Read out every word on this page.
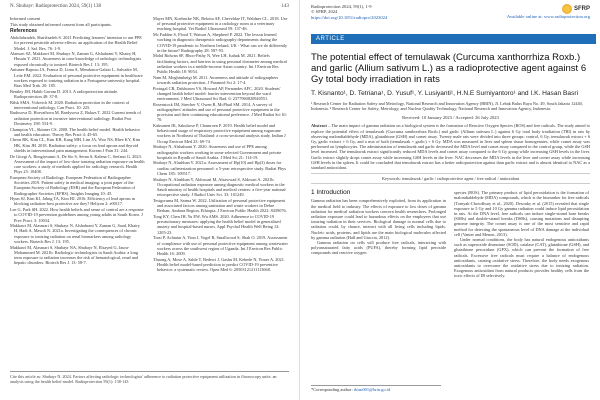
N. Shubayr: Radioprotection 2024, 59(1) 138	143

Informed consent

This study obtained informed consent from all participants.

References

Abdolahzadeh, Sharifzadeh S. 2021 Predicting learners' intention to use PPE for prevent pesticide adverse effects: an application of the Health Belief Model. J. Saf. Res. 76: 1-9.

Alansari SZ, Makkawi M, Shubayr N, Zaman G, Alshahrani Y, Khairy H, Husain Y. 2021. Awareness in cone knowledge of radiologic technologists exposed chronically to ionized. Biotech Res J. 13: 195.

Antunes-Raposo JA, Franca D, Lima A, Mendonca-Galaio L, Salvador M, Leite EM. 2022. Evaluation of personal protective equipment in healthcare workers exposed to ionizing radiation in a Portuguese university hospital. Bras Med Trab. 20: 185.

Bentley JM, Habib Gavam D. 2013. A radioprotection attitude. Radioprotection 48: 37-8.

Bilsk SMA, Vidovich M. 2020. Radiation protection in the context of interventional radiology. Can Pract. 10: 225.

Budosova D, Horvathova M, Bardysova Z, Balazs T. 2022 Current trends of radiation protection in invasive interventional radiology. Radiat Prot Dosimetry 198: 554-9.

Champion VL, Skinner CS. 2008. The health belief model. Health behavior and health education: Theory Res Pract 4: 45-65.

Cheon BK, Kim CL, Kim KR, Kang MH, Lim JA, Woo NS, Rhee KY, Kim HK, Kim JH. 2018. Radiation safety: a focus on lead aprons and thyroid shields in interventional pain management. Korean J Pain 31: 244.

De Giorgi A, Bongiovanni A, De Sio S, Serna S, Kalena C, Stefano G. 2023. Assessment of the impact of low-dose ionizing radiation exposure on health care workers: a study of methods applied for radiology research. Health Phys 25: 10408.

European Society of Radiology. European Federation of Radiographer Societies 2019. Patient safety in medical imaging: a joint paper of the European Society of Radiology (ESR) and the European Federation of Radiographer Societies (EFRS). Insights Imaging 10: 45.

Hyun SJ, Kim KJ, Jahng TA, Kim HJ. 2016. Efficiency of lead aprons in blocking radiation-how protective are they? Heliyon 2: e00117.

Lee G, Park SH. 2022. How health beliefs and sense of control are a response to COVID-19 prevention guidelines among young adults in South Korea. J Prev Pract. 3: 10034.

Makkawi M, Alasmari S, Shubayr N, Alshahrani Y, Zaman G, Saad, Khairy H, Hadi A, Mawdi N. 2021a. Investigating the consequences of chronic exposure to ionizing radiation on renal biomarkers among radiology workers. Biotech Res J. 13: 195.

Makkawi M, Alasmari S, Shubayr NA, Shubayr N, Elsayed G, Jaura-Mohammed M. 2021b. Radiologic technologists in Saudi Arabia: a long term exposure to radiation increases the risk of hematological, renal and hepatic disorders. Biotech Res J. 13: 58-7.

Mayer MN, Koehncke NK, Belotta AF, Cheveldae IT, Waldner CL. 2018. Use of personal protective equipment in a radiology room at a veterinary teaching hospital. Vet Radiol Ultrasound 59: 137-46.

Mc Fadden S, Flood T, Watson A, Shepherd P. 2022. The lesson learned working in diagnostic therapeutic radiography departments during the COVID-19 pandemic in Northern Ireland, UK - What can we do differently in the future? Radiography 28: 587-93.

Mohd Ridwan SF, Bhoo-Pathy N, Wee LH, Isahak M. 2021. Beliefs facilitating factors, and barriers in using personal dosimeter among medical radiation workers in a middle-income Asian country. Int J Environ Res Public Health 18: 9054.

Nam M, Moghimbeigi M. 2011. Awareness and attitude of radiographers towards radiation protection. J Paramed Sci 2: 17-4.

Portugal CB, Dahlstrom VS, Howard AP, Fernandes AFC. 2020. Students' changed health belief model: barrier intervention beyond the ward environment. J Med Ultrasound Sci Rad. 6: 2377960820940551.

Rosenstock IM, Strecher V, Owen R, McPhail SM. 2014. A survey of radiographers' attitudes and use of personal protective equipment in the provision and their continuing educational preference. J Med Radiat Sci 61: 70.

Kaksonen IK, Sakulrose P, Chamroen P. 2019. Health belief model and behavioural usage of respiratory protective equipment among sugarcane workers in Northeast of Thailand: a cross-sectional analysis study. Indian J Occup Environ Med 23: 69-74.

Shubayr N, Alshahrani Y. 2020. Awareness and use of PPE among radiographic workers working in some selected Government and private hospitals in Riyadh of Saudi Arabia. J Med Sci 21: 114-19.

Shubayr N, Alashban Y. 2021a. Assessment of Hp(10) and Hp(3) doses for cardiac catheterization personnel: a 5-year retrospective study. Radiat Phys Chem 185: 109517.

Shubayr N, Alashban Y, Aldossari M, Alsawwad S, Aldosari A. 2021b. Occupational radiation exposure among diagnostic medical workers in the Saudi ministry of health hospitals and medical centers: a five-year national retrospective study. J Radiol Univ Sci. 33: 101249.

Tesigoruma M, Sarma W. 2022. Utilization of personal protective equipment and associated factors among sanitation and waste workers in Debre Berhan, Amhara Region, Ethiopia. J Environ Public Health 2022: 8439076.

Tong KY, Chen JH, Yu EW, Wu AMS. 2020. Adherence to COVID-19 precautionary measures: applying the health belief model in generalised anxiety and hospital-based nurses. Appl Psychol Health Well Being 12: 1205-23.

Trasi P, Achtaiar A, Yinn J, Vogel R, Smallwood S, Shah O. 2019. Assessment of compliance with use of personal protective equipment among wastewater workers across the southwest region of Uganda. Int J Environ Res Public Health 16: 2009.

Thuong A, Mose A, Sahle T, Bedewi J, Gashu M, Kebede N, Yimer A. 2021. Health belief model-based prediction to predict COVID-19 preventive behavior: a systematic review. Open Med 6: 20503121211113668.

Cite this article as: Shubayr N. 2024. Factors affecting radiologic technologists' adherence to radiation protective equipment utilization in fluoroscopy units: an analysis using the health belief model. Radioprotection 59(1): 138-143
Radioprotection 2024, 59(1), 1-9
© SFRP, 2024
https://doi.org/10.1051/radiopro/2023024
SFRP
Available online at: www.radioprotection.org
ARTICLE
The potential effect of temulawak (Curcuma xanthorrhiza Roxb.) and garlic (Allium sativum L.) as a radioprotective agent against 6 Gy total body irradiation in rats
T. Kisnanto¹, D. Tetriana¹, D. Yusuf¹, Y. Lusiyanti¹, H.N.E Surniyantoro¹ and I.K. Hasan Basri
¹ Research Center for Radiation Safety and Metrology, National Research and Innovation Agency (BRIN), Jl. Lebak Bulus Raya No. 49, South Jakarta 12440, Indonesia. ² Research Center for Safety, Metrology, and Nuclear Quality Technology, National Research and Innovation Agency, Indonesia.
Received: 10 January 2023 / Accepted: 26 July 2023
Abstract – The main impact of gamma radiation on a biological system is the formation of Reactive Oxygen Species (ROS) and free radicals. The study aimed to explore the potential effect of temulawak (Curcuma xanthorrhiza Roxb.) and garlic (Allium sativum L.) against 6 Gy total body irradiation (TBI) in rats by observing malondialdehyde (MDA), glutathione (GSH) and comet assay. Twenty male rats were divided into three groups: control, 6 Gy, temulawak extract + 6 Gy, garlic extract + 6 Gy, and a mix of both (temulawak + garlic) + 6 Gy. MDA was measured in liver and spleen tissue homogenates, while comet assay was performed on lymphocytes. The administration of temulawak and garlic decreased the MDA level and comet assay compared to the control group, while the GSH level increased. The temulawak extract significantly reduced MDA levels and comet assay compared to the 6 Gy group while increasing GSH levels in the liver. Garlic extract slightly drops comet assay while increasing GSH levels in the liver. NAC decreases the MDA levels in the liver and comet assay while increasing GSH levels in the spleen. It could be concluded that temulawak extract has a better radioprotection against than garlic extract and is almost identical to NAC as a standard antioxidant.
Keywords: temulawak / garlic / radioprotective agent / free radical / antioxidant
1 Introduction

Gamma radiation has been comprehensively exploited, from its application in the medical field to industry. The effects of exposure to low doses of gamma radiation for medical radiation workers concern health researchers. Prolonged radiation exposure could lead to hazardous effects on the employees that use ionizing radiation in their services. Biological damage to normal cells due to radiation could, by chance, interact with all living cells including lipids. Nucleic acids, proteins, and lipids are the main biological molecules affected by gamma radiation (Hall and Giaccia, 2012).

Gamma radiation on cells will produce free radicals, interacting with polyunsaturated fatty acids (PUFA), thereby forming lipid peroxide compounds and reactive oxygen

species (ROS). The primary product of lipid peroxidation is the formation of malondialdehyde (MDA) compounds, which is the biomarker for free radicals (Tomyak-Chowdhury et al., 2020). Desouky et al. (2015) revealed that single exposure to 5 Gy and 10 Gy gamma radiation could induce lipid peroxidation in rats. At the DNA level, free radicals can induce single-strand base breaks (SSBs) and double-strand breaks (DSBs), causing mutations and disrupting genome integrity. The comet assay is one of the most sensitive and rapid method for detecting the spontaneous level of DNA damage at the individual cell (Vanier and Menon, 2013).

Under normal conditions, the body has natural endogenous antioxidants such as superoxide dismutase (SOD), catalase (CAT), glutathione (GSH), and glutathione peroxidase (GPX), which can prevent the formation of free radicals. Excessive free radicals must require a balance of endogenous antioxidants, causing oxidative stress. Therefore, the body needs exogenous antioxidants to overcome the oxidative stress due to ionizing radiation. Exogenous antioxidant from natural products provides healthy cells from the toxic effects of IR selectively.

*Corresponding author: tkisn001@brin.go.id
